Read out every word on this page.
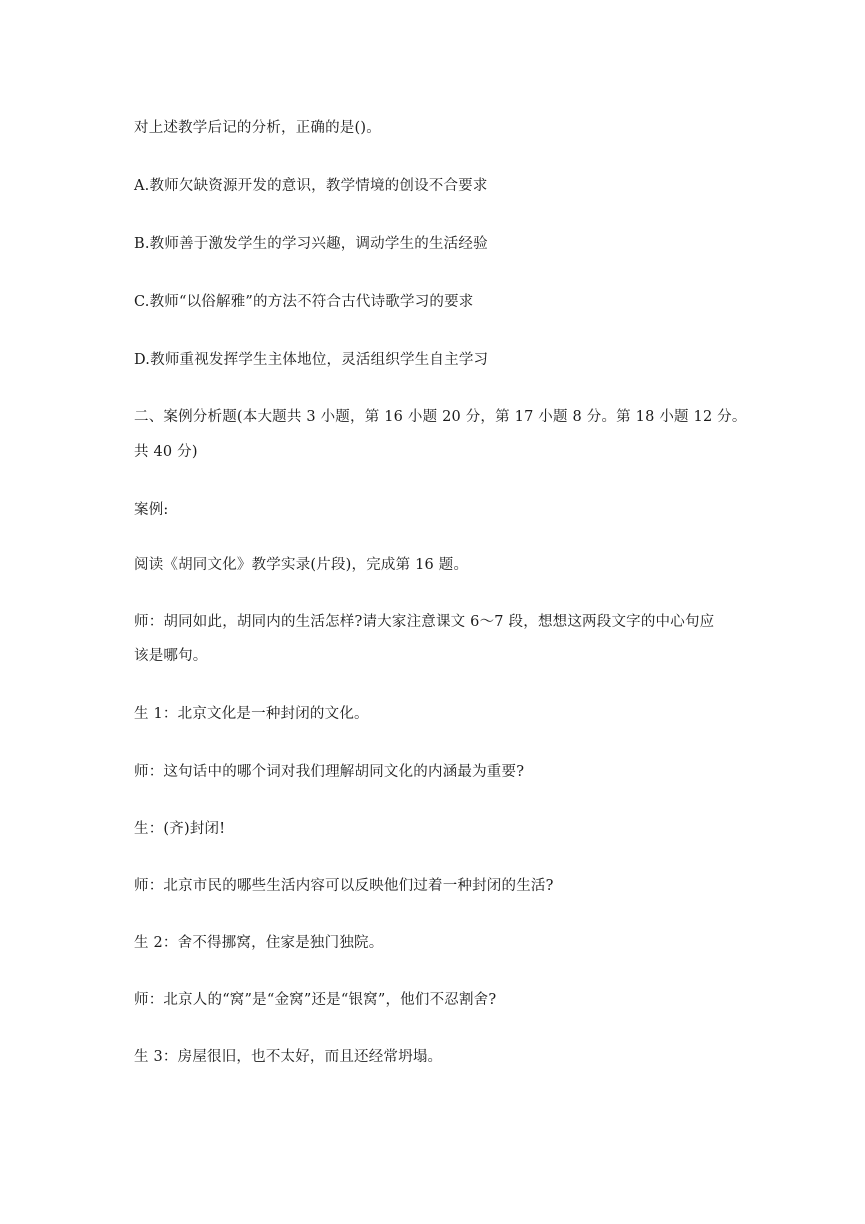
对上述教学后记的分析，正确的是()。
A.教师欠缺资源开发的意识，教学情境的创设不合要求
B.教师善于激发学生的学习兴趣，调动学生的生活经验
C.教师“以俗解雅”的方法不符合古代诗歌学习的要求
D.教师重视发挥学生主体地位，灵活组织学生自主学习
二、案例分析题(本大题共 3 小题，第 16 小题 20 分，第 17 小题 8 分。第 18 小题 12 分。
共 40 分)
案例:
阅读《胡同文化》教学实录(片段)，完成第 16 题。
师：胡同如此，胡同内的生活怎样?请大家注意课文 6～7 段，想想这两段文字的中心句应
该是哪句。
生 1：北京文化是一种封闭的文化。
师：这句话中的哪个词对我们理解胡同文化的内涵最为重要?
生：(齐)封闭!
师：北京市民的哪些生活内容可以反映他们过着一种封闭的生活?
生 2：舍不得挪窝，住家是独门独院。
师：北京人的“窝”是“金窝”还是“银窝”，他们不忍割舍?
生 3：房屋很旧，也不太好，而且还经常坍塌。
